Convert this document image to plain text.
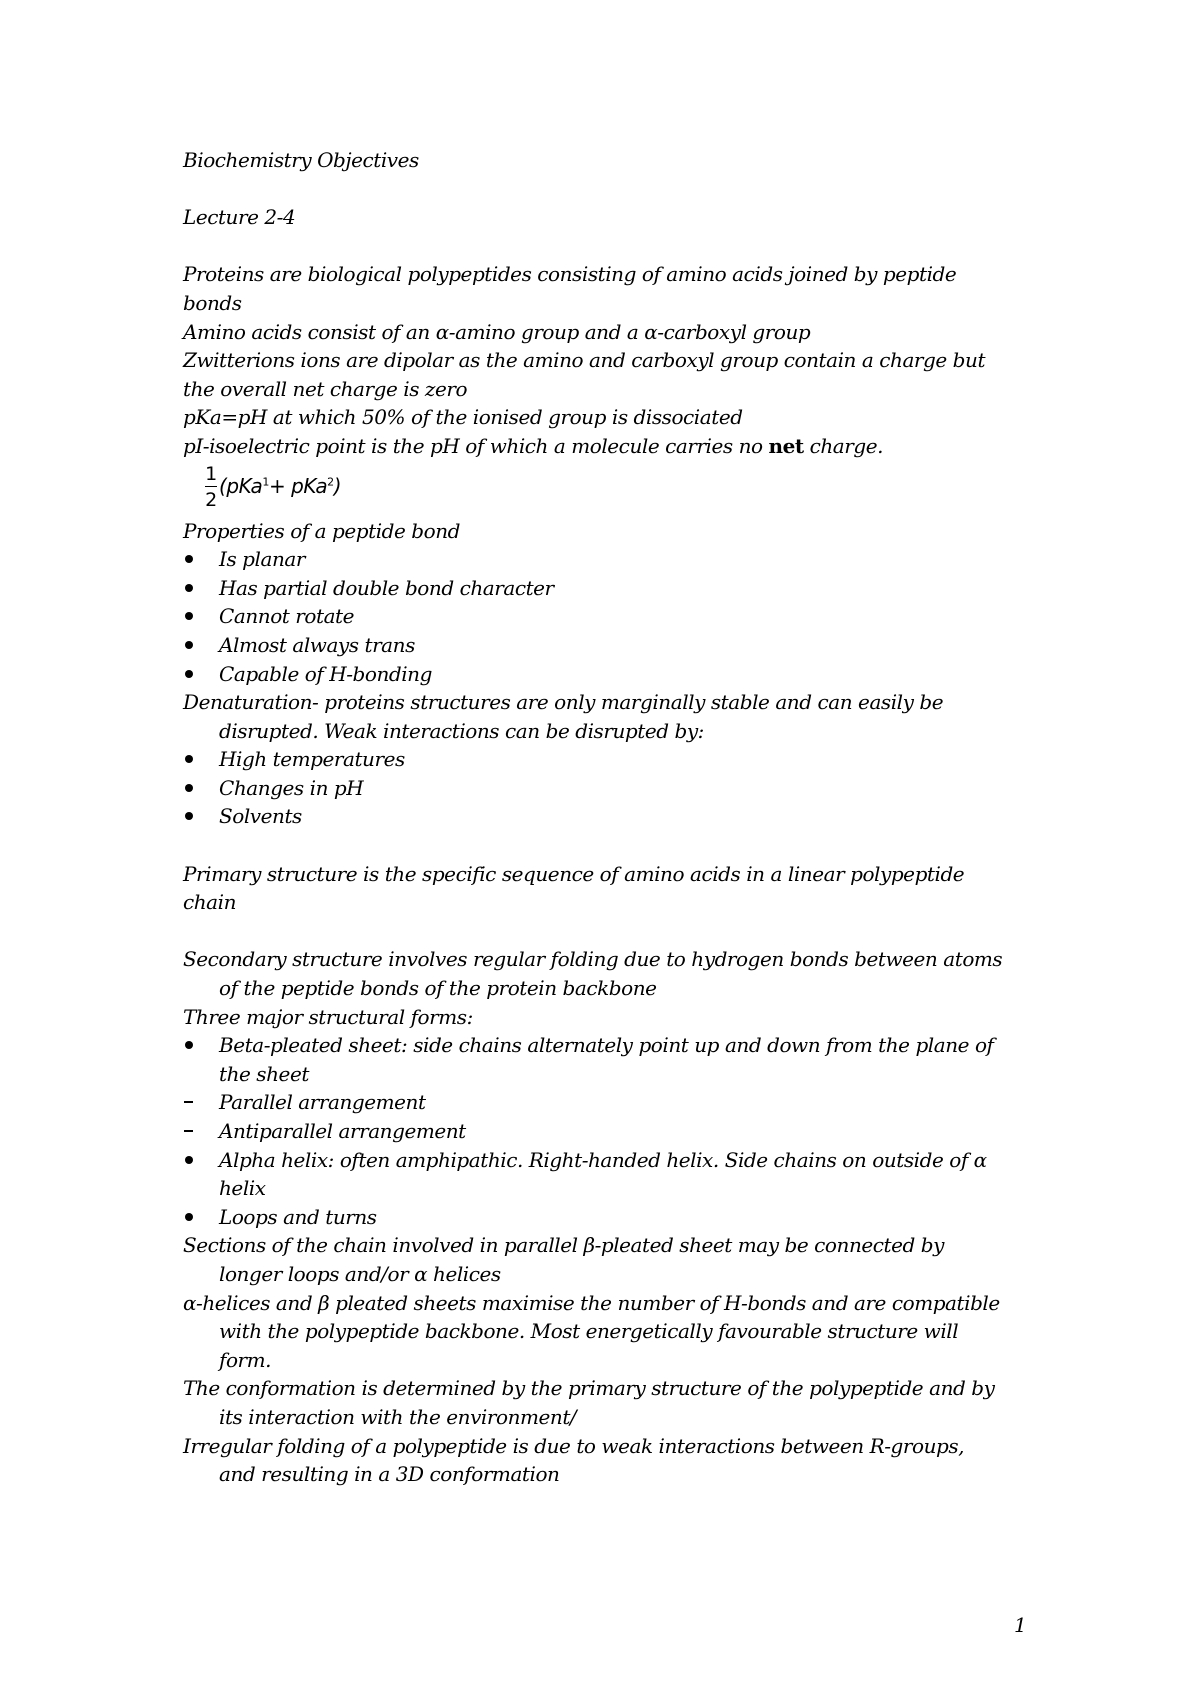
Biochemistry Objectives
Lecture 2-4
Proteins are biological polypeptides consisting of amino acids joined by peptide
bonds
Amino acids consist of an α-amino group and a α-carboxyl group
Zwitterions ions are dipolar as the amino and carboxyl group contain a charge but
the overall net charge is zero
pKa=pH at which 50% of the ionised group is dissociated
pI-isoelectric point is the pH of which a molecule carries no net charge.
$\frac{1}{2} (pKa^1+ pKa^2)$
Properties of a peptide bond
Is planar
Has partial double bond character
Cannot rotate
Almost always trans
Capable of H-bonding
Denaturation- proteins structures are only marginally stable and can easily be
disrupted. Weak interactions can be disrupted by:
High temperatures
Changes in pH
Solvents
Primary structure is the specific sequence of amino acids in a linear polypeptide
chain
Secondary structure involves regular folding due to hydrogen bonds between atoms
of the peptide bonds of the protein backbone
Three major structural forms:
Beta-pleated sheet: side chains alternately point up and down from the plane of
the sheet
Parallel arrangement
Antiparallel arrangement
Alpha helix: often amphipathic. Right-handed helix. Side chains on outside of α
helix
Loops and turns
Sections of the chain involved in parallel β-pleated sheet may be connected by
longer loops and/or α helices
α-helices and β pleated sheets maximise the number of H-bonds and are compatible
with the polypeptide backbone. Most energetically favourable structure will
form.
The conformation is determined by the primary structure of the polypeptide and by
its interaction with the environment/
Irregular folding of a polypeptide is due to weak interactions between R-groups,
and resulting in a 3D conformation
1
